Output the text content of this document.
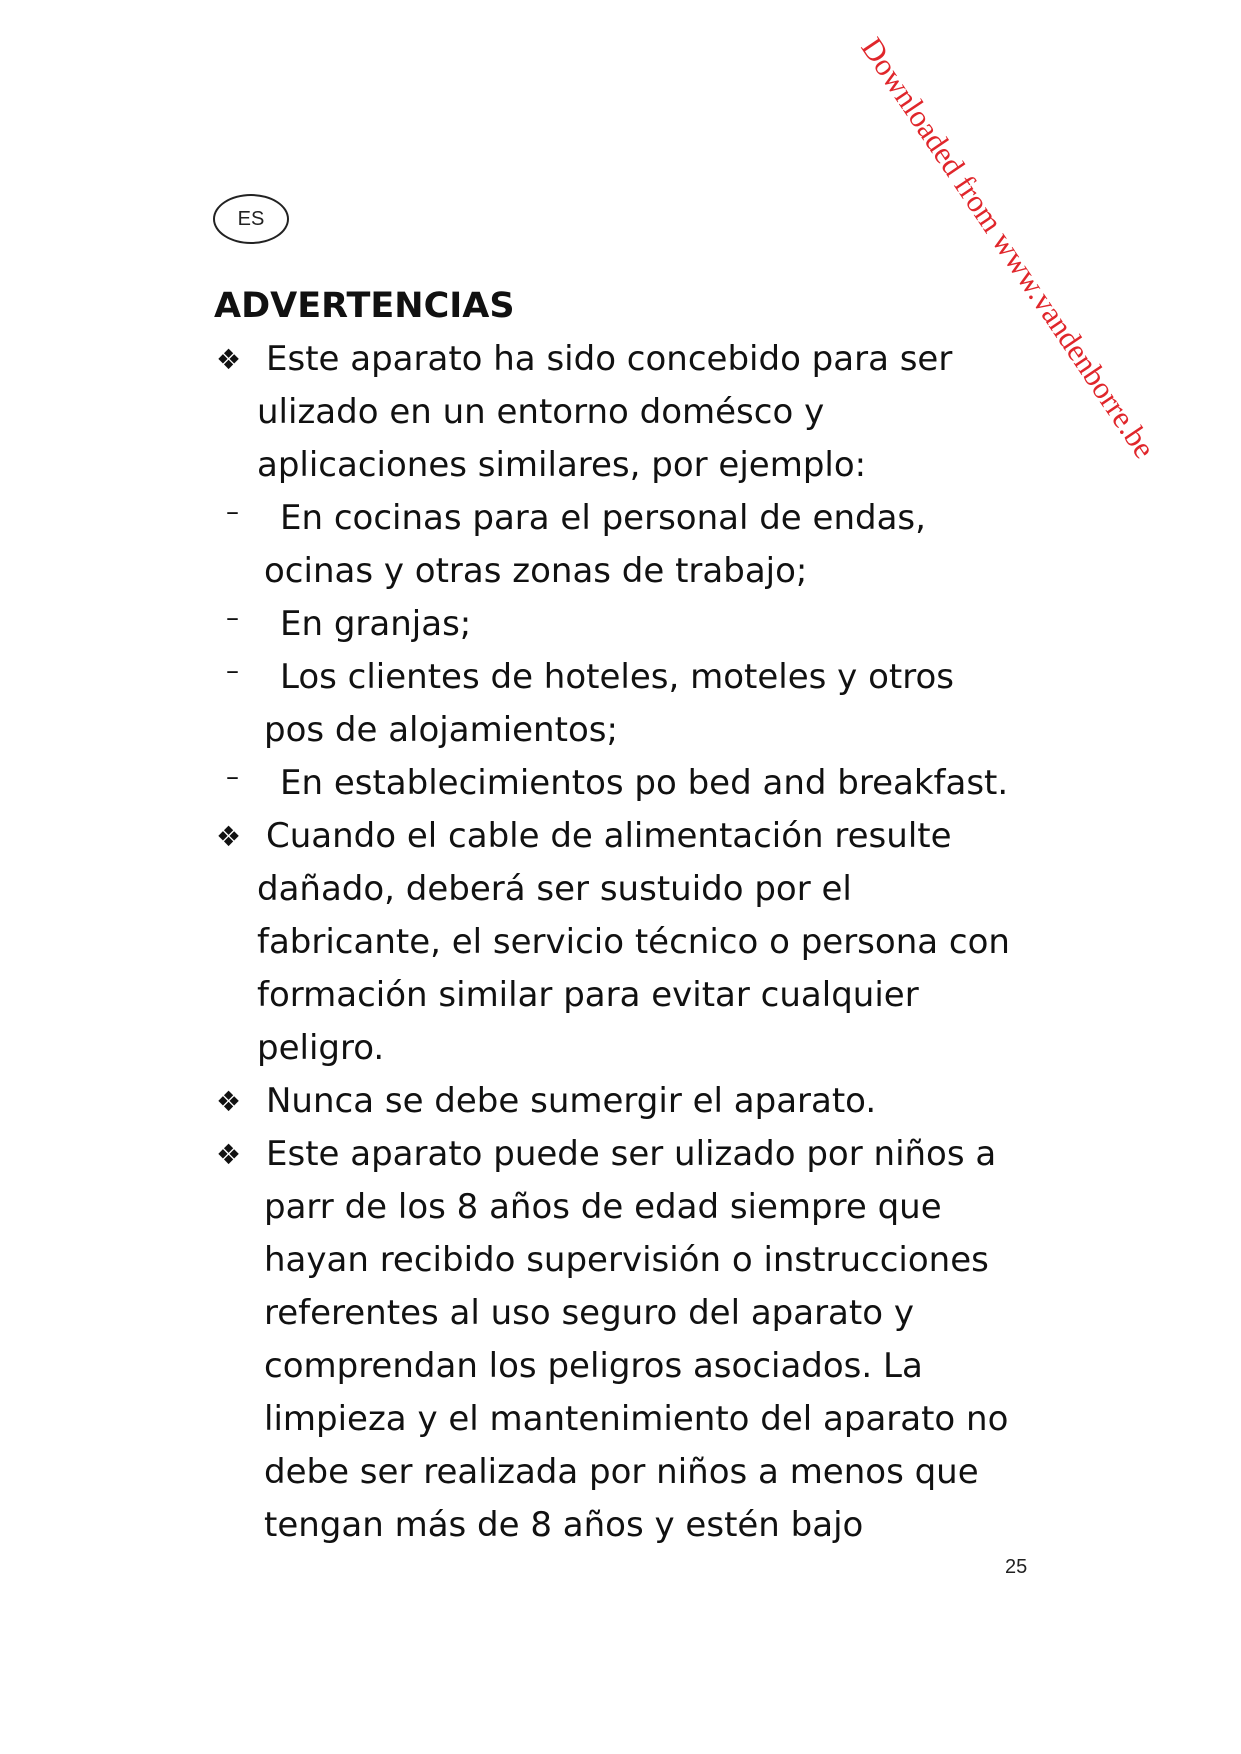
ES	Downloaded from www.vandenborre.be
ADVERTENCIAS
❖ Este aparato ha sido concebido para ser
ulizado en un entorno domésco y
aplicaciones similares, por ejemplo:
– En cocinas para el personal de endas,
ocinas y otras zonas de trabajo;
– En granjas;
– Los clientes de hoteles, moteles y otros
pos de alojamientos;
– En establecimientos po bed and breakfast.
❖ Cuando el cable de alimentación resulte
dañado, deberá ser sustuido por el
fabricante, el servicio técnico o persona con
formación similar para evitar cualquier
peligro.
❖ Nunca se debe sumergir el aparato.
❖ Este aparato puede ser ulizado por niños a
parr de los 8 años de edad siempre que
hayan recibido supervisión o instrucciones
referentes al uso seguro del aparato y
comprendan los peligros asociados. La
limpieza y el mantenimiento del aparato no
debe ser realizada por niños a menos que
tengan más de 8 años y estén bajo
25
